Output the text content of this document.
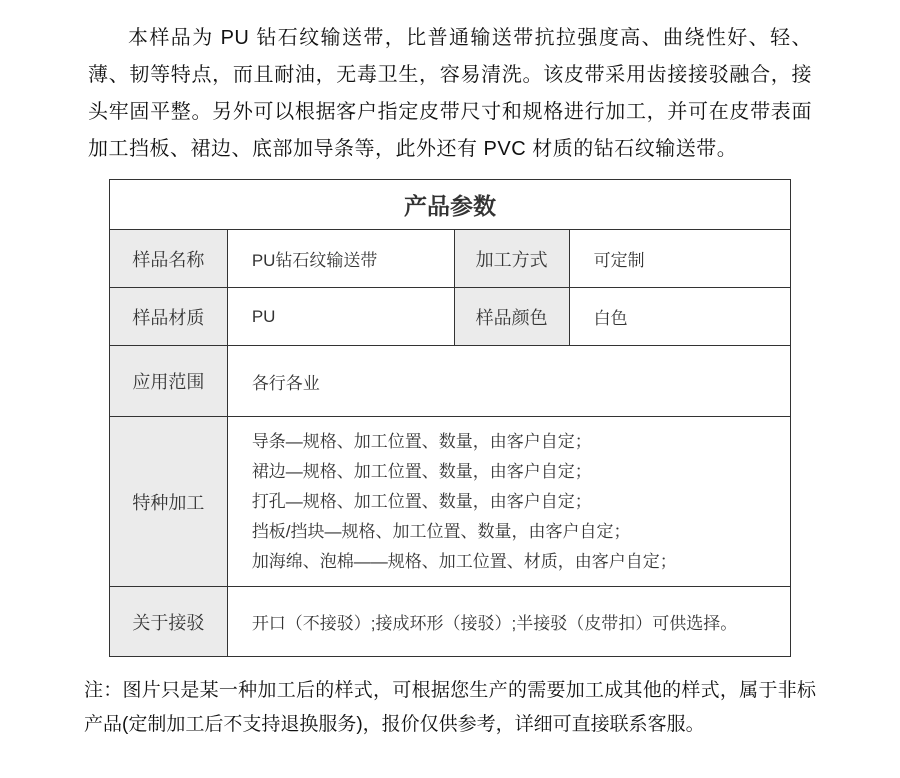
本样品为 PU 钻石纹输送带，比普通输送带抗拉强度高、曲绕性好、轻、薄、韧等特点，而且耐油，无毒卫生，容易清洗。该皮带采用齿接接驳融合，接头牢固平整。另外可以根据客户指定皮带尺寸和规格进行加工，并可在皮带表面加工挡板、裙边、底部加导条等，此外还有 PVC 材质的钻石纹输送带。

产品参数			
样品名称	PU钻石纹输送带	加工方式	可定制
样品材质	PU	样品颜色	白色
应用范围	各行各业		
特种加工	导条—规格、加工位置、数量，由客户自定；
裙边—规格、加工位置、数量，由客户自定；
打孔—规格、加工位置、数量，由客户自定；
挡板/挡块—规格、加工位置、数量，由客户自定；
加海绵、泡棉——规格、加工位置、材质，由客户自定；		

关于接驳	开口（不接驳）;接成环形（接驳）;半接驳（皮带扣）可供选择。		

注：图片只是某一种加工后的样式，可根据您生产的需要加工成其他的样式，属于非标产品(定制加工后不支持退换服务)，报价仅供参考，详细可直接联系客服。
